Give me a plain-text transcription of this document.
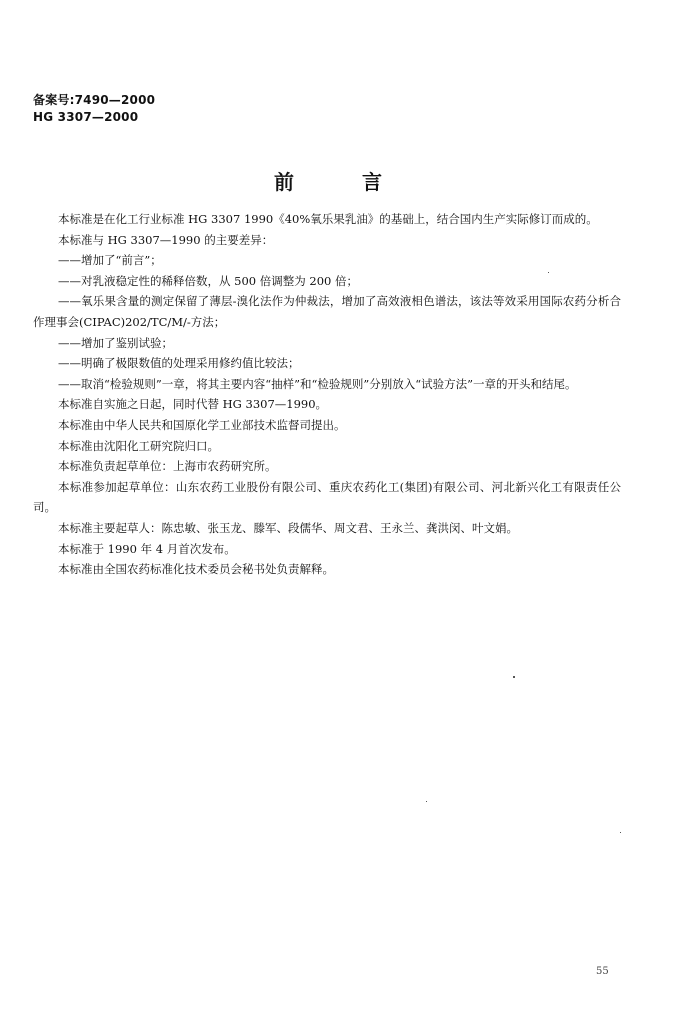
备案号:7490—2000
HG 3307—2000
前言

本标准是在化工行业标准 HG 3307 1990《40%氧乐果乳油》的基础上，结合国内生产实际修订而成的。

本标准与 HG 3307—1990 的主要差异：

——增加了“前言”；

——对乳液稳定性的稀释倍数，从 500 倍调整为 200 倍；

——氧乐果含量的测定保留了薄层-溴化法作为仲裁法，增加了高效液相色谱法，该法等效采用国际农药分析合作理事会(CIPAC)202/TC/M/-方法；

——增加了鉴别试验；

——明确了极限数值的处理采用修约值比较法；

——取消“检验规则”一章，将其主要内容“抽样”和“检验规则”分别放入“试验方法”一章的开头和结尾。

本标准自实施之日起，同时代替 HG 3307—1990。

本标准由中华人民共和国原化学工业部技术监督司提出。

本标准由沈阳化工研究院归口。

本标准负责起草单位：上海市农药研究所。

本标准参加起草单位：山东农药工业股份有限公司、重庆农药化工(集团)有限公司、河北新兴化工有限责任公司。

本标准主要起草人：陈忠敏、张玉龙、滕军、段儒华、周文君、王永兰、龚洪闵、叶文娟。

本标准于 1990 年 4 月首次发布。

本标准由全国农药标准化技术委员会秘书处负责解释。

55
